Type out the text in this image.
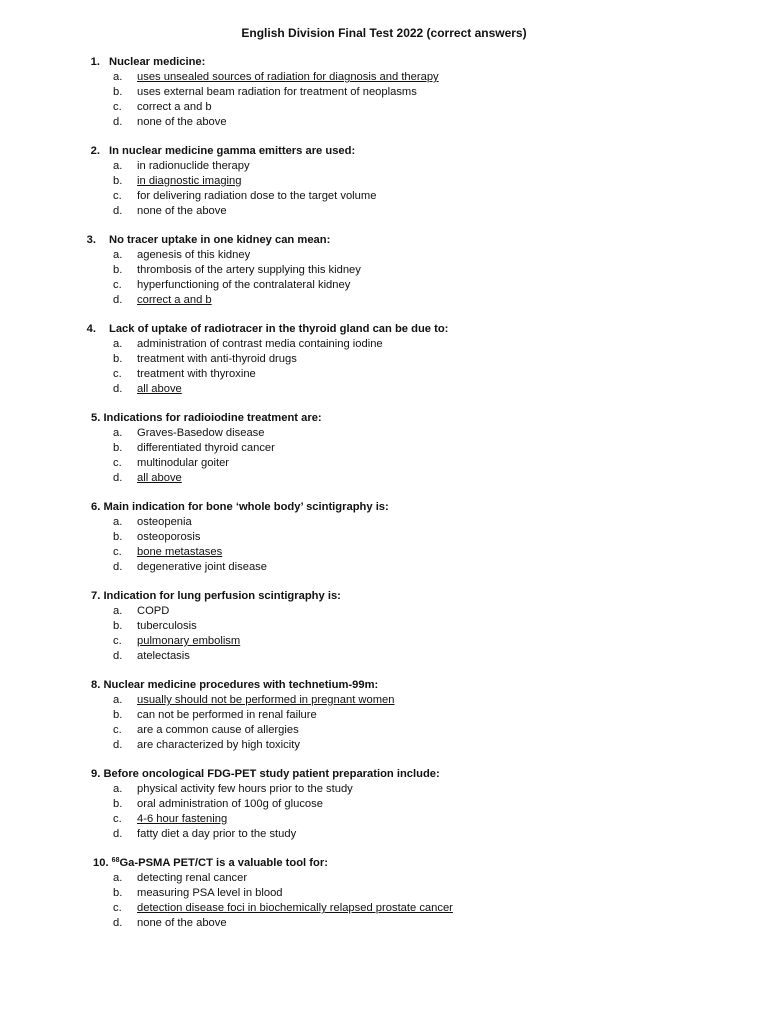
English Division Final Test 2022 (correct answers)
1. Nuclear medicine:
a. uses unsealed sources of radiation for diagnosis and therapy
b. uses external beam radiation for treatment of neoplasms
c. correct a and b
d. none of the above
2. In nuclear medicine gamma emitters are used:
a. in radionuclide therapy
b. in diagnostic imaging
c. for delivering radiation dose to the target volume
d. none of the above
3. No tracer uptake in one kidney can mean:
a. agenesis of this kidney
b. thrombosis of the artery supplying this kidney
c. hyperfunctioning of the contralateral kidney
d. correct a and b
4. Lack of uptake of radiotracer in the thyroid gland can be due to:
a. administration of contrast media containing iodine
b. treatment with anti-thyroid drugs
c. treatment with thyroxine
d. all above
5. Indications for radioiodine treatment are:
a. Graves-Basedow disease
b. differentiated thyroid cancer
c. multinodular goiter
d. all above
6. Main indication for bone ‘whole body’ scintigraphy is:
a. osteopenia
b. osteoporosis
c. bone metastases
d. degenerative joint disease
7. Indication for lung perfusion scintigraphy is:
a. COPD
b. tuberculosis
c. pulmonary embolism
d. atelectasis
8. Nuclear medicine procedures with technetium-99m:
a. usually should not be performed in pregnant women
b. can not be performed in renal failure
c. are a common cause of allergies
d. are characterized by high toxicity
9. Before oncological FDG-PET study patient preparation include:
a. physical activity few hours prior to the study
b. oral administration of 100g of glucose
c. 4-6 hour fastening
d. fatty diet a day prior to the study
10. $^{68}$Ga-PSMA PET/CT is a valuable tool for:
a. detecting renal cancer
b. measuring PSA level in blood
c. detection disease foci in biochemically relapsed prostate cancer
d. none of the above
